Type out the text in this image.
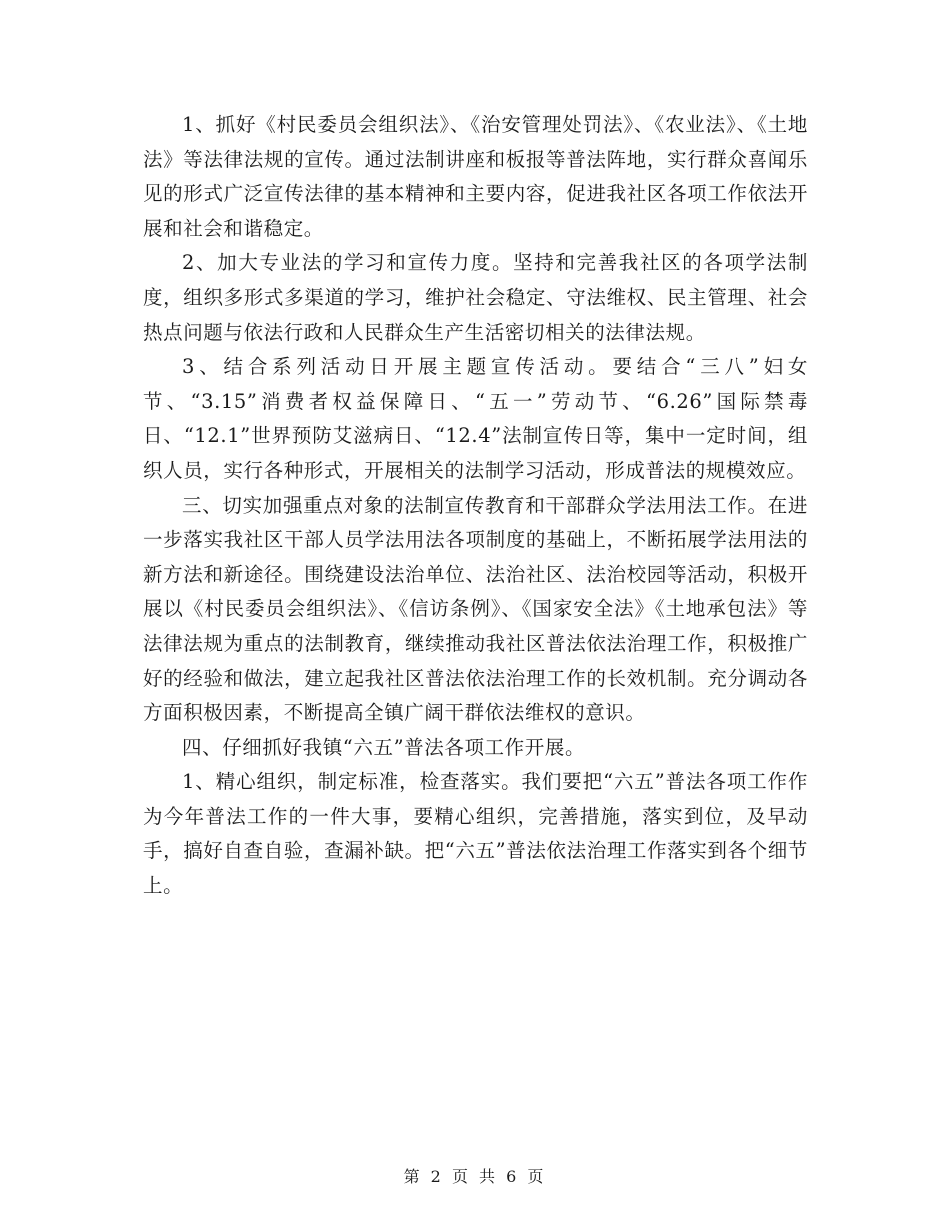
1、抓好《村民委员会组织法》、《治安管理处罚法》、《农业法》、《土地法》等法律法规的宣传。通过法制讲座和板报等普法阵地，实行群众喜闻乐见的形式广泛宣传法律的基本精神和主要内容，促进我社区各项工作依法开展和社会和谐稳定。

2、加大专业法的学习和宣传力度。坚持和完善我社区的各项学法制度，组织多形式多渠道的学习，维护社会稳定、守法维权、民主管理、社会热点问题与依法行政和人民群众生产生活密切相关的法律法规。

3、结合系列活动日开展主题宣传活动。要结合“三八”妇女节、“3.15”消费者权益保障日、“五一”劳动节、“6.26”国际禁毒日、“12.1”世界预防艾滋病日、“12.4”法制宣传日等，集中一定时间，组织人员，实行各种形式，开展相关的法制学习活动，形成普法的规模效应。

三、切实加强重点对象的法制宣传教育和干部群众学法用法工作。在进一步落实我社区干部人员学法用法各项制度的基础上，不断拓展学法用法的新方法和新途径。围绕建设法治单位、法治社区、法治校园等活动，积极开展以《村民委员会组织法》、《信访条例》、《国家安全法》《土地承包法》等法律法规为重点的法制教育，继续推动我社区普法依法治理工作，积极推广好的经验和做法，建立起我社区普法依法治理工作的长效机制。充分调动各方面积极因素，不断提高全镇广阔干群依法维权的意识。

四、仔细抓好我镇“六五”普法各项工作开展。

1、精心组织，制定标准，检查落实。我们要把“六五”普法各项工作作为今年普法工作的一件大事，要精心组织，完善措施，落实到位，及早动手，搞好自查自验，查漏补缺。把“六五”普法依法治理工作落实到各个细节上。

第 2 页 共 6 页
